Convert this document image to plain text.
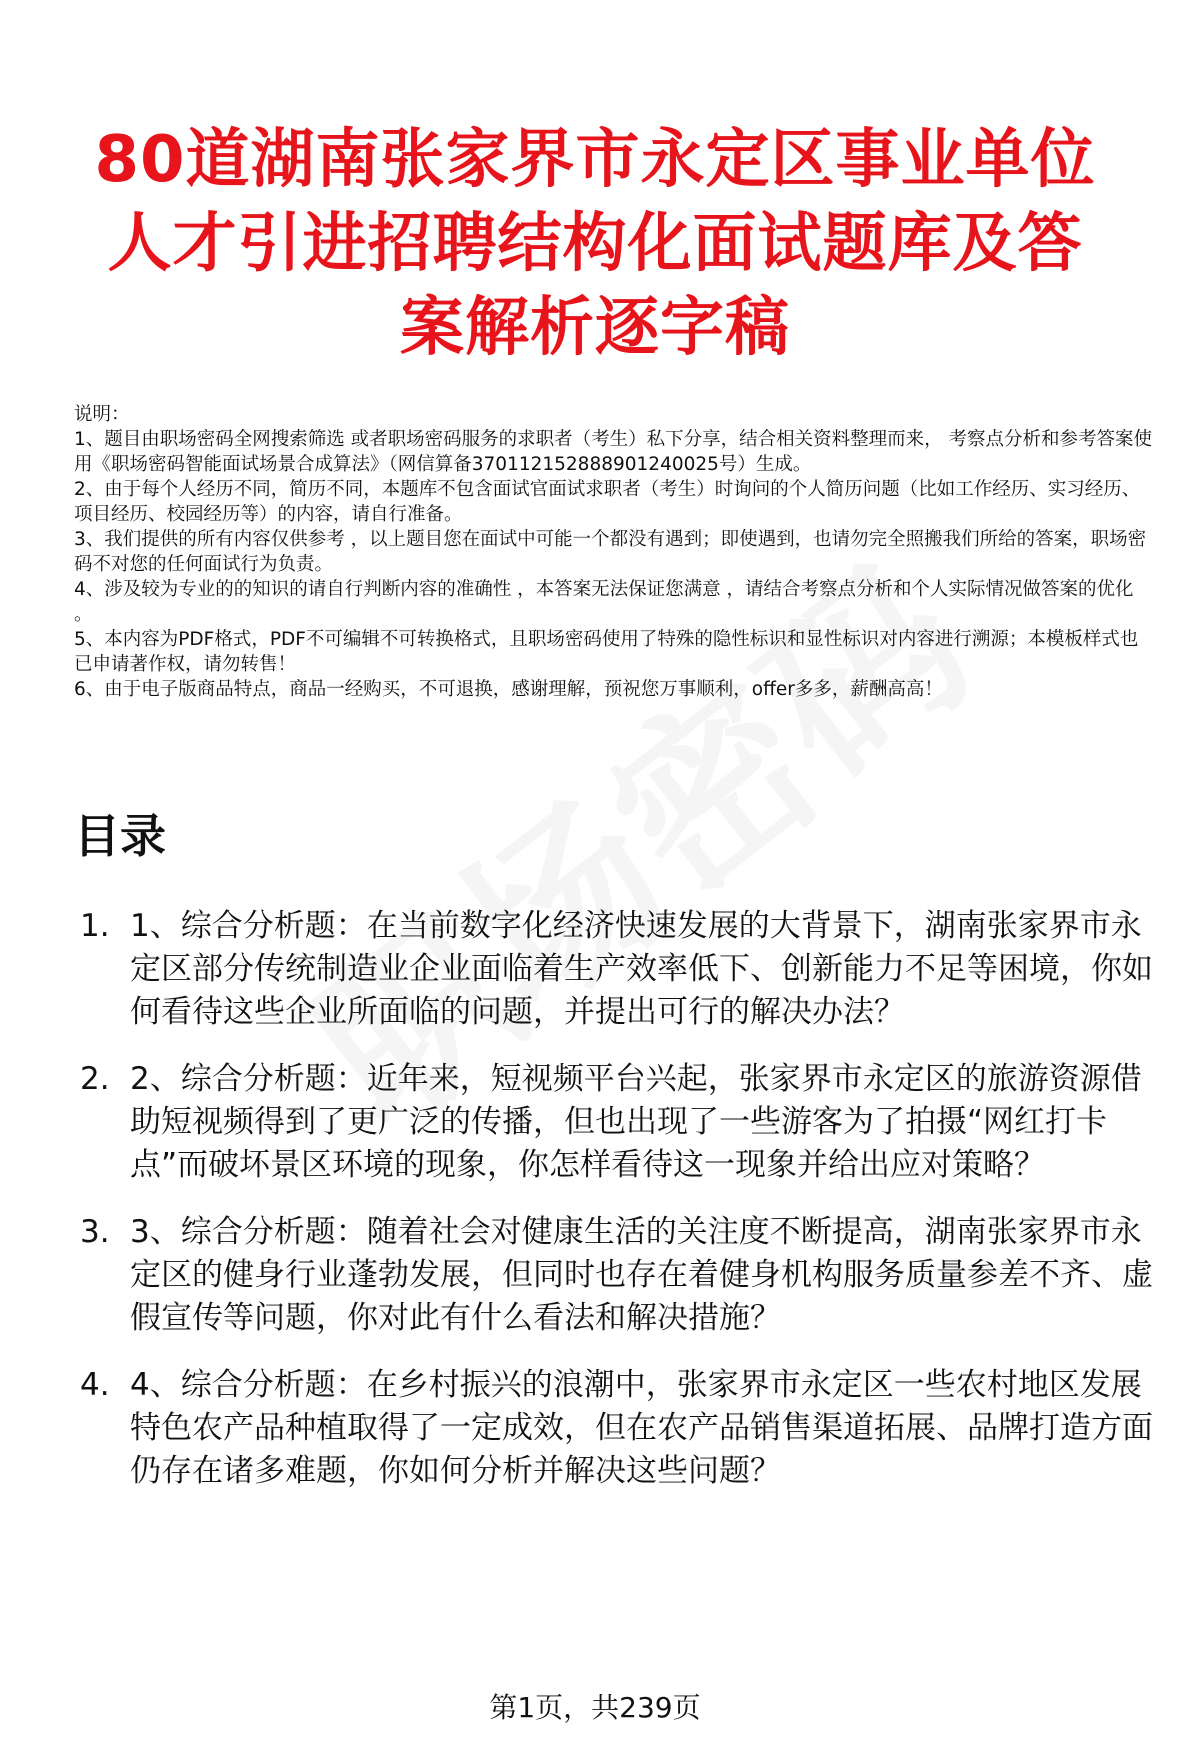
80道湖南张家界市永定区事业单位人才引进招聘结构化面试题库及答案解析逐字稿

说明：

1、题目由职场密码全网搜索筛选 或者职场密码服务的求职者（考生）私下分享，结合相关资料整理而来， 考察点分析和参考答案使用《职场密码智能面试场景合成算法》（网信算备370112152888901240025号）生成。

2、由于每个人经历不同，简历不同，本题库不包含面试官面试求职者（考生）时询问的个人简历问题（比如工作经历、实习经历、项目经历、校园经历等）的内容，请自行准备。

3、我们提供的所有内容仅供参考 ，以上题目您在面试中可能一个都没有遇到；即使遇到，也请勿完全照搬我们所给的答案，职场密码不对您的任何面试行为负责。

4、涉及较为专业的的知识的请自行判断内容的准确性 ，本答案无法保证您满意 ，请结合考察点分析和个人实际情况做答案的优化 。

5、本内容为PDF格式，PDF不可编辑不可转换格式，且职场密码使用了特殊的隐性标识和显性标识对内容进行溯源；本模板样式也已申请著作权，请勿转售！

6、由于电子版商品特点，商品一经购买，不可退换，感谢理解，预祝您万事顺利，offer多多，薪酬高高！

目录
1. 1、综合分析题：在当前数字化经济快速发展的大背景下，湖南张家界市永定区部分传统制造业企业面临着生产效率低下、创新能力不足等困境，你如何看待这些企业所面临的问题，并提出可行的解决办法？
2. 2、综合分析题：近年来，短视频平台兴起，张家界市永定区的旅游资源借助短视频得到了更广泛的传播，但也出现了一些游客为了拍摄“网红打卡点”而破坏景区环境的现象，你怎样看待这一现象并给出应对策略？
3. 3、综合分析题：随着社会对健康生活的关注度不断提高，湖南张家界市永定区的健身行业蓬勃发展，但同时也存在着健身机构服务质量参差不齐、虚假宣传等问题，你对此有什么看法和解决措施？
4. 4、综合分析题：在乡村振兴的浪潮中，张家界市永定区一些农村地区发展特色农产品种植取得了一定成效，但在农产品销售渠道拓展、品牌打造方面仍存在诸多难题，你如何分析并解决这些问题？
第1页，共239页
